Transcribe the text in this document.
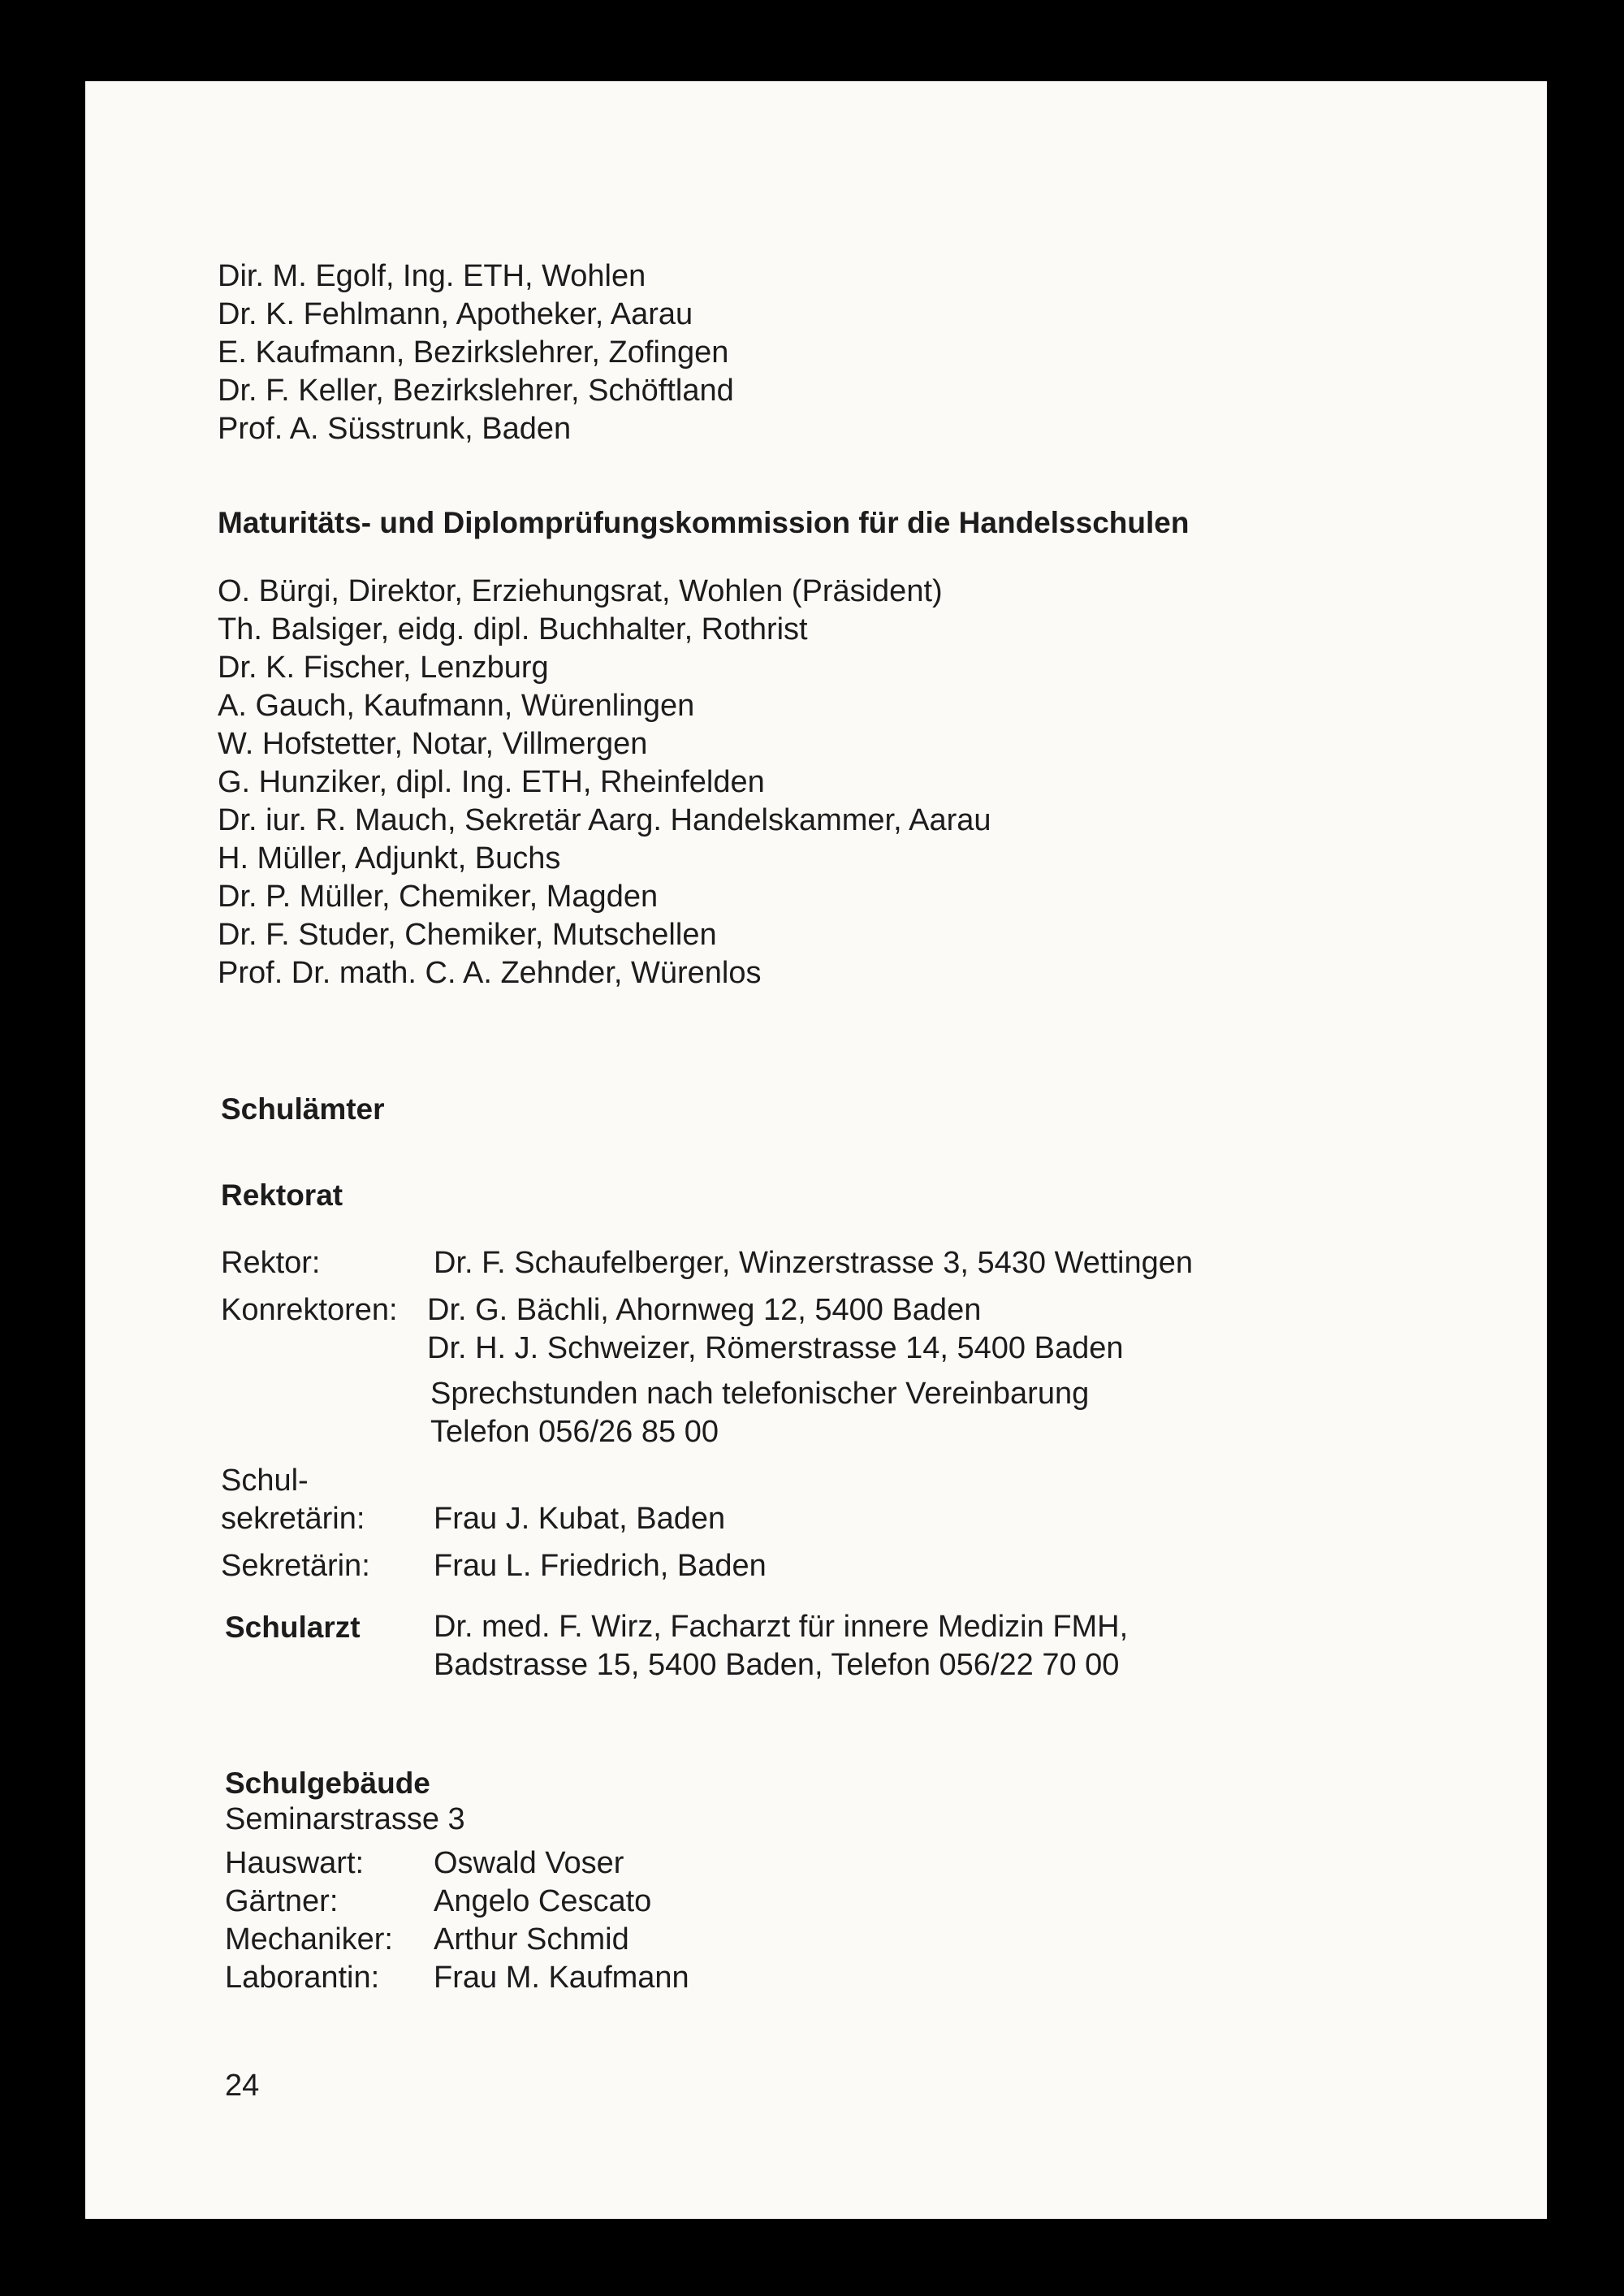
Dir. M. Egolf, Ing. ETH, Wohlen
Dr. K. Fehlmann, Apotheker, Aarau
E. Kaufmann, Bezirkslehrer, Zofingen
Dr. F. Keller, Bezirkslehrer, Schöftland
Prof. A. Süsstrunk, Baden

Maturitäts- und Diplomprüfungskommission für die Handelsschulen

O. Bürgi, Direktor, Erziehungsrat, Wohlen (Präsident)
Th. Balsiger, eidg. dipl. Buchhalter, Rothrist
Dr. K. Fischer, Lenzburg
A. Gauch, Kaufmann, Würenlingen
W. Hofstetter, Notar, Villmergen
G. Hunziker, dipl. Ing. ETH, Rheinfelden
Dr. iur. R. Mauch, Sekretär Aarg. Handelskammer, Aarau
H. Müller, Adjunkt, Buchs
Dr. P. Müller, Chemiker, Magden
Dr. F. Studer, Chemiker, Mutschellen
Prof. Dr. math. C. A. Zehnder, Würenlos

Schulämter

Rektorat

Rektor:	Dr. F. Schaufelberger, Winzerstrasse 3, 5430 Wettingen

Konrektoren: Dr. G. Bächli, Ahornweg 12, 5400 Baden

Dr. H. J. Schweizer, Römerstrasse 14, 5400 Baden

Sprechstunden nach telefonischer Vereinbarung

Telefon 056/26 85 00

Schul-

sekretärin: Frau J. Kubat, Baden

Sekretärin: Frau L. Friedrich, Baden

Schularzt Dr. med. F. Wirz, Facharzt für innere Medizin FMH,

Badstrasse 15, 5400 Baden, Telefon 056/22 70 00

Schulgebäude

Seminarstrasse 3

Hauswart: Oswald Voser

Gärtner:	Angelo Cescato

Mechaniker: Arthur Schmid

Laborantin: Frau M. Kaufmann

24
